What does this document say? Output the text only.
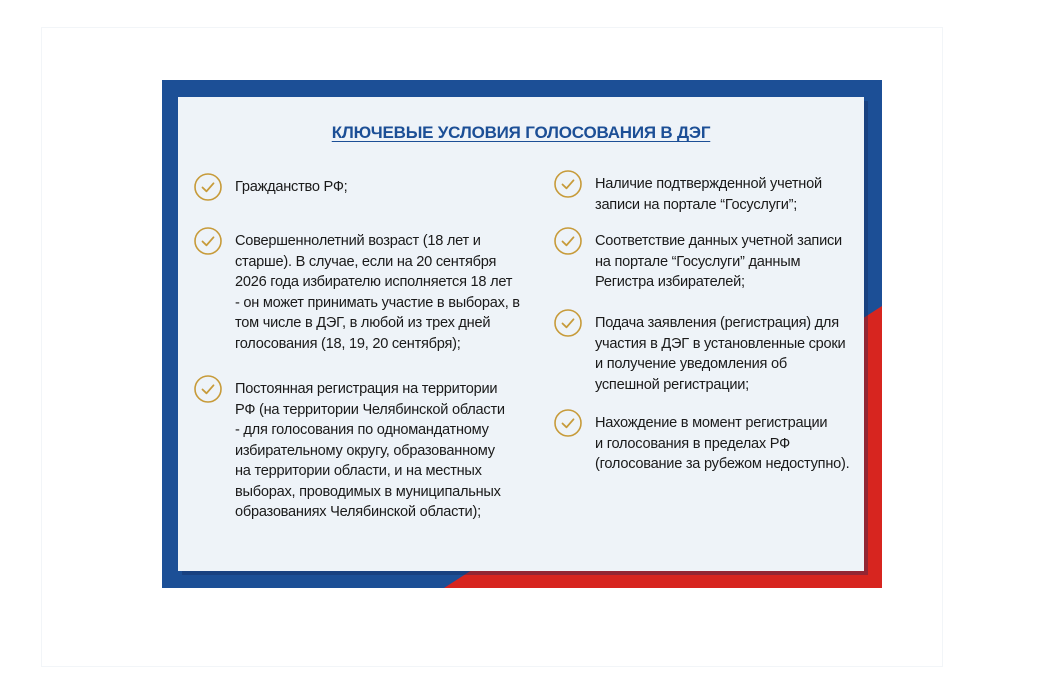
КЛЮЧЕВЫЕ УСЛОВИЯ ГОЛОСОВАНИЯ В ДЭГ
Гражданство РФ;
Совершеннолетний возраст (18 лет и
старше). В случае, если на 20 сентября
2026 года избирателю исполняется 18 лет
- он может принимать участие в выборах, в
том числе в ДЭГ, в любой из трех дней
голосования (18, 19, 20 сентября);
Постоянная регистрация на территории
РФ (на территории Челябинской области
- для голосования по одномандатному
избирательному округу, образованному
на территории области, и на местных
выборах, проводимых в муниципальных
образованиях Челябинской области);
Наличие подтвержденной учетной
записи на портале “Госуслуги”;
Соответствие данных учетной записи
на портале “Госуслуги” данным
Регистра избирателей;
Подача заявления (регистрация) для
участия в ДЭГ в установленные сроки
и получение уведомления об
успешной регистрации;
Нахождение в момент регистрации
и голосования в пределах РФ
(голосование за рубежом недоступно).
